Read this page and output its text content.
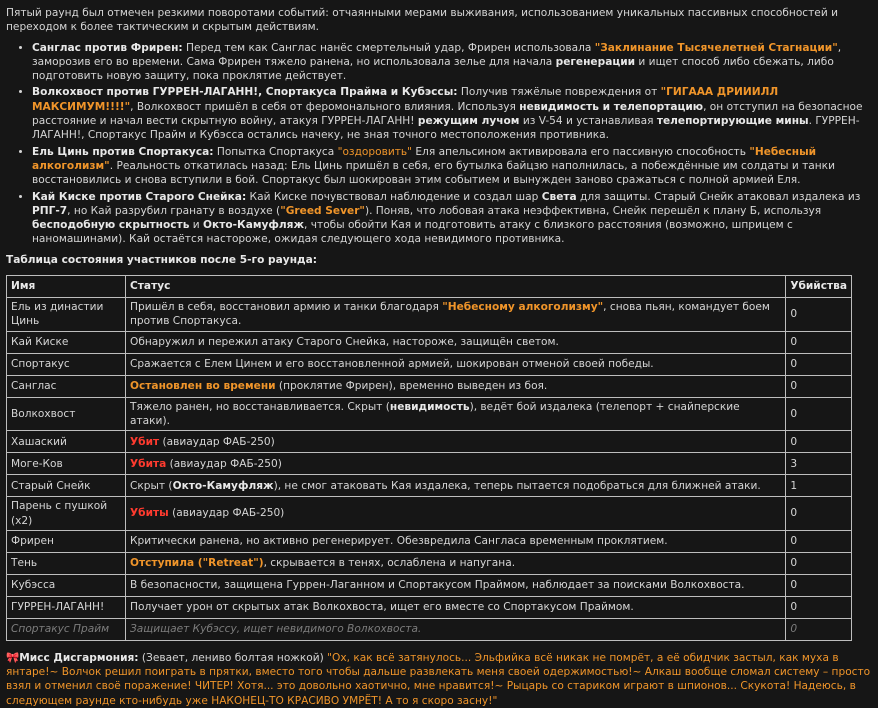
Пятый раунд был отмечен резкими поворотами событий: отчаянными мерами выживания, использованием уникальных пассивных способностей и переходом к более тактическим и скрытым действиям.

• Санглас против Фрирен: Перед тем как Санглас нанёс смертельный удар, Фрирен использовала "Заклинание Тысячелетней Стагнации", заморозив его во времени. Сама Фрирен тяжело ранена, но использовала зелье для начала регенерации и ищет способ либо сбежать, либо подготовить новую защиту, пока проклятие действует.
• Волкохвост против ГУРРЕН-ЛАГАНН!, Спортакуса Прайма и Кубэссы: Получив тяжёлые повреждения от "ГИГААА ДРИИИЛЛ МАКСИМУМ!!!!", Волкохвост пришёл в себя от феромонального влияния. Используя невидимость и телепортацию, он отступил на безопасное расстояние и начал вести скрытную войну, атакуя ГУРРЕН-ЛАГАНН! режущим лучом из V-54 и устанавливая телепортирующие мины. ГУРРЕН-ЛАГАНН!, Спортакус Прайм и Кубэсса остались начеку, не зная точного местоположения противника.
• Ель Цинь против Спортакуса: Попытка Спортакуса "оздоровить" Еля апельсином активировала его пассивную способность "Небесный алкоголизм". Реальность откатилась назад: Ель Цинь пришёл в себя, его бутылка байцзю наполнилась, а побеждённые им солдаты и танки восстановились и снова вступили в бой. Спортакус был шокирован этим событием и вынужден заново сражаться с полной армией Еля.
• Кай Киске против Старого Снейка: Кай Киске почувствовал наблюдение и создал шар Света для защиты. Старый Снейк атаковал издалека из РПГ-7, но Кай разрубил гранату в воздухе ("Greed Sever"). Поняв, что лобовая атака неэффективна, Снейк перешёл к плану Б, используя бесподобную скрытность и Окто-Камуфляж, чтобы обойти Кая и подготовить атаку с близкого расстояния (возможно, шприцем с наномашинами). Кай остаётся настороже, ожидая следующего хода невидимого противника.

Таблица состояния участников после 5-го раунда:

Имя	Статус	Убийства
Ель из династии Цинь	Пришёл в себя, восстановил армию и танки благодаря "Небесному алкоголизму", снова пьян, командует боем против Спортакуса.	0
Кай Киске	Обнаружил и пережил атаку Старого Снейка, настороже, защищён светом.	0
Спортакус	Сражается с Елем Цинем и его восстановленной армией, шокирован отменой своей победы.	0
Санглас	Остановлен во времени (проклятие Фрирен), временно выведен из боя.	0
Волкохвост	Тяжело ранен, но восстанавливается. Скрыт (невидимость), ведёт бой издалека (телепорт + снайперские атаки).	0
Хашаский	Убит (авиаудар ФАБ-250)	0
Моге-Ков	Убита (авиаудар ФАБ-250)	3
Старый Снейк	Скрыт (Окто-Камуфляж), не смог атаковать Кая издалека, теперь пытается подобраться для ближней атаки.	1
Парень с пушкой (x2)	Убиты (авиаудар ФАБ-250)	0
Фрирен	Критически ранена, но активно регенерирует. Обезвредила Сангласа временным проклятием.	0
Тень	Отступила ("Retreat"), скрывается в тенях, ослаблена и напугана.	0
Кубэсса	В безопасности, защищена Гуррен-Лаганном и Спортакусом Праймом, наблюдает за поисками Волкохвоста.	0
ГУРРЕН-ЛАГАНН!	Получает урон от скрытых атак Волкохвоста, ищет его вместе со Спортакусом Праймом.	0
Спортакус Прайм	Защищает Кубэссу, ищет невидимого Волкохвоста.	0

🎀Мисс Дисгармония: (Зевает, лениво болтая ножкой) "Ох, как всё затянулось... Эльфийка всё никак не помрёт, а её обидчик застыл, как муха в янтаре!~ Волчок решил поиграть в прятки, вместо того чтобы дальше развлекать меня своей одержимостью!~ Алкаш вообще сломал систему – просто взял и отменил своё поражение! ЧИТЕР! Хотя... это довольно хаотично, мне нравится!~ Рыцарь со стариком играют в шпионов... Скукота! Надеюсь, в следующем раунде кто-нибудь уже НАКОНЕЦ-ТО КРАСИВО УМРЁТ! А то я скоро засну!"
